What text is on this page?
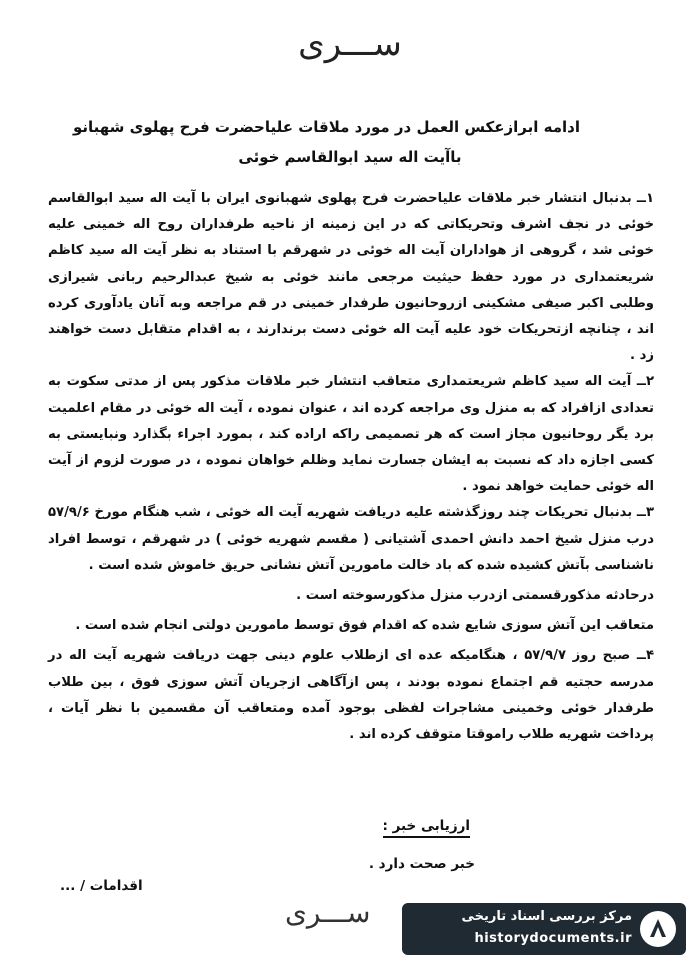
ســـری
ادامه ابرازعکس العمل در مورد ملاقات علیاحضرت فرح پهلوی شهبانو
باآیت اله سید ابوالقاسم خوئی

۱ــ بدنبال انتشار خبر ملاقات علیاحضرت فرح پهلوی شهبانوی ایران با آیت اله سید ابوالقاسم خوئی در نجف اشرف وتحریکاتی که در این زمینه از ناحیه طرفداران روح اله خمینی علیه خوئی شد ، گروهی از هواداران آیت اله خوئی در شهرقم با استناد به نظر آیت اله سید کاظم شریعتمداری در مورد حفظ حیثیت مرجعی مانند خوئی به شیخ عبدالرحیم ربانی شیرازی وطلبی اکبر صیفی مشکینی ازروحانیون طرفدار خمینی در قم مراجعه وبه آنان یادآوری کرده اند ، چنانچه ازتحریکات خود علیه آیت اله خوئی دست برندارند ، به اقدام متقابل دست خواهند زد .

۲ــ آیت اله سید کاظم شریعتمداری متعاقب انتشار خبر ملاقات مذکور پس از مدتی سکوت به تعدادی ازافراد که به منزل وی مراجعه کرده اند ، عنوان نموده ، آیت اله خوئی در مقام اعلمیت برد یگر روحانیون مجاز است که هر تصمیمی راکه اراده کند ، بمورد اجراء بگذارد ونبایستی به کسی اجازه داد که نسبت به ایشان جسارت نماید وظلم خواهان نموده ، در صورت لزوم از آیت اله خوئی حمایت خواهد نمود .

۳ــ بدنبال تحریکات چند روزگذشته علیه دریافت شهریه آیت اله خوئی ، شب هنگام مورخ ۵۷/۹/۶ درب منزل شیخ احمد دانش احمدی آشتیانی ( مقسم شهریه خوئی ) در شهرقم ، توسط افراد ناشناسی بآتش کشیده شده که باد خالت مامورین آتش نشانی حریق خاموش شده است .

درحادثه مذکورقسمتی ازدرب منزل مذکورسوخته است .

متعاقب این آتش سوزی شایع شده که اقدام فوق توسط مامورین دولتی انجام شده است .

۴ــ صبح روز ۵۷/۹/۷ ، هنگامیکه عده ای ازطلاب علوم دینی جهت دریافت شهریه آیت اله در مدرسه حجتیه قم اجتماع نموده بودند ، پس ازآگاهی ازجریان آتش سوزی فوق ، بین طلاب طرفدار خوئی وخمینی مشاجرات لفظی بوجود آمده ومتعاقب آن مقسمین با نظر آیات ، پرداخت شهریه طلاب راموقتا متوقف کرده اند .

ارزیابی خبر :
خبر صحت دارد .
اقدامات / ...
ســـری	مرکز بررسی اسناد تاریخی
historydocuments.ir
